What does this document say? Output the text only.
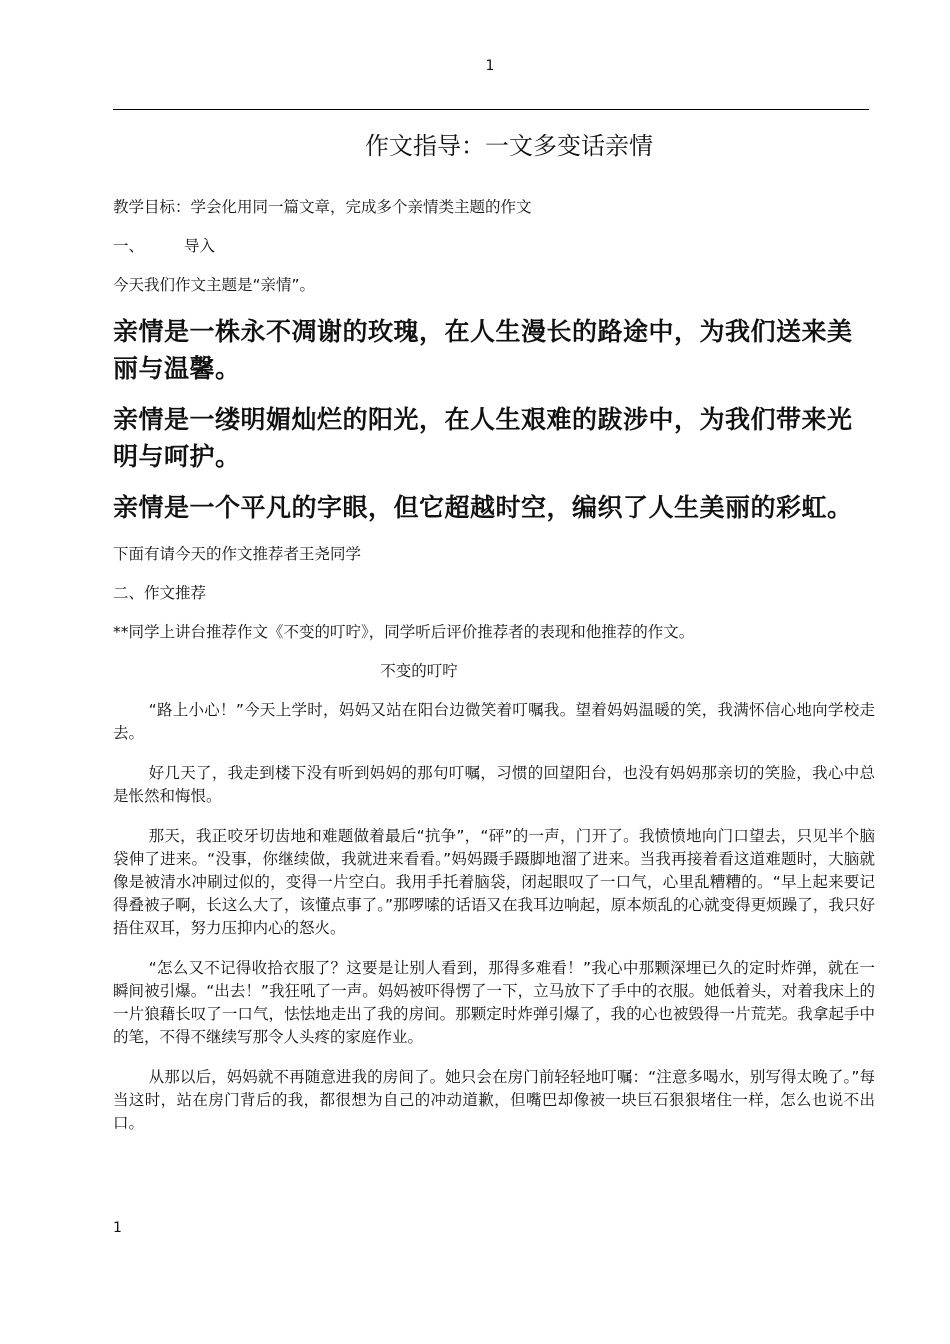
1
作文指导：一文多变话亲情

教学目标：学会化用同一篇文章，完成多个亲情类主题的作文

一、	导入

今天我们作文主题是“亲情”。

亲情是一株永不凋谢的玫瑰，在人生漫长的路途中，为我们送来美丽与温馨。

亲情是一缕明媚灿烂的阳光，在人生艰难的跋涉中，为我们带来光明与呵护。

亲情是一个平凡的字眼，但它超越时空，编织了人生美丽的彩虹。

下面有请今天的作文推荐者王尧同学

二、作文推荐

**同学上讲台推荐作文《不变的叮咛》，同学听后评价推荐者的表现和他推荐的作文。

不变的叮咛

“路上小心！”今天上学时，妈妈又站在阳台边微笑着叮嘱我。望着妈妈温暖的笑，我满怀信心地向学校走去。

好几天了，我走到楼下没有听到妈妈的那句叮嘱，习惯的回望阳台，也没有妈妈那亲切的笑脸，我心中总是怅然和悔恨。

那天，我正咬牙切齿地和难题做着最后“抗争”，“砰”的一声，门开了。我愤愤地向门口望去，只见半个脑袋伸了进来。“没事，你继续做，我就进来看看。”妈妈蹑手蹑脚地溜了进来。当我再接着看这道难题时，大脑就像是被清水冲刷过似的，变得一片空白。我用手托着脑袋，闭起眼叹了一口气，心里乱糟糟的。“早上起来要记得叠被子啊，长这么大了，该懂点事了。”那啰嗦的话语又在我耳边响起，原本烦乱的心就变得更烦躁了，我只好捂住双耳，努力压抑内心的怒火。

“怎么又不记得收拾衣服了？这要是让别人看到，那得多难看！”我心中那颗深埋已久的定时炸弹，就在一瞬间被引爆。“出去！”我狂吼了一声。妈妈被吓得愣了一下，立马放下了手中的衣服。她低着头，对着我床上的一片狼藉长叹了一口气，怯怯地走出了我的房间。那颗定时炸弹引爆了，我的心也被毁得一片荒芜。我拿起手中的笔，不得不继续写那令人头疼的家庭作业。

从那以后，妈妈就不再随意进我的房间了。她只会在房门前轻轻地叮嘱：“注意多喝水，别写得太晚了。”每当这时，站在房门背后的我，都很想为自己的冲动道歉，但嘴巴却像被一块巨石狠狠堵住一样，怎么也说不出口。

1
